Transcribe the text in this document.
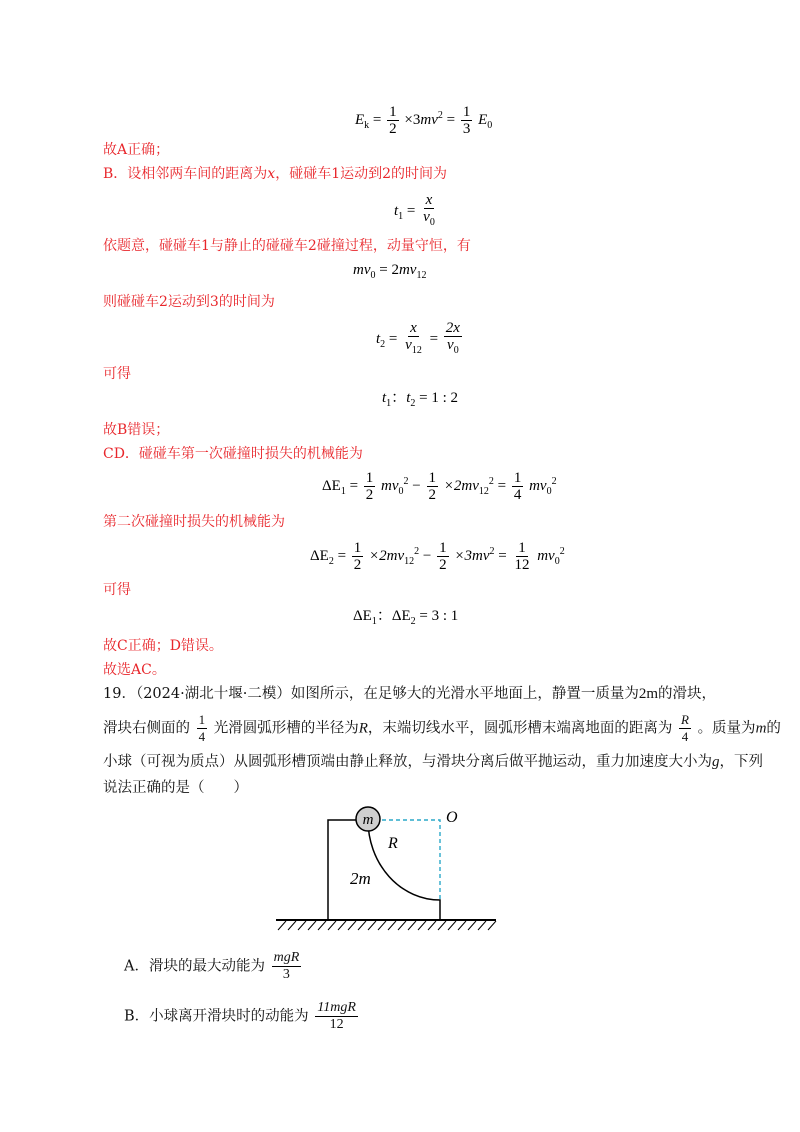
$E_k = \frac{1}{2} \times 3mv^2 = \frac{1}{3} E_0$
故A正确；
B．设相邻两车间的距离为x，碰碰车1运动到2的时间为
$t_1 = \frac{x}{v_0}$
依题意，碰碰车1与静止的碰碰车2碰撞过程，动量守恒，有
$mv_0 = 2mv_{12}$
则碰碰车2运动到3的时间为
$t_2 = \frac{x}{v_{12}} = \frac{2x}{v_0}$
可得
$t_1$：$t_2 = 1$ : 2
故B错误；
CD．碰碰车第一次碰撞时损失的机械能为
$\Delta E_1 = \frac{1}{2} mv_0^2 - \frac{1}{2} \times 2mv_{12}^2 = \frac{1}{4} mv_0^2$
第二次碰撞时损失的机械能为
$\Delta E_2 = \frac{1}{2} \times 2mv_{12}^2 - \frac{1}{2} \times 3mv^2 = \frac{1}{12} mv_0^2$
可得
$\Delta E_1$：$\Delta E_2 = 3$ : 1
故C正确；D错误。
故选AC。
19．（2024·湖北十堰·二模）如图所示，在足够大的光滑水平地面上，静置一质量为2m的滑块，
滑块右侧面的 $\frac{1}{4}$ 光滑圆弧形槽的半径为R，末端切线水平，圆弧形槽末端离地面的距离为 $\frac{R}{4}$ 。质量为m的
小球（可视为质点）从圆弧形槽顶端由静止释放，与滑块分离后做平抛运动，重力加速度大小为g，下列
说法正确的是（　　）
m	O
R
2m
A．滑块的最大动能为 $\frac{\text{mgR}}{3}$
B．小球离开滑块时的动能为 $\frac{\text{11mgR}}{12}$
